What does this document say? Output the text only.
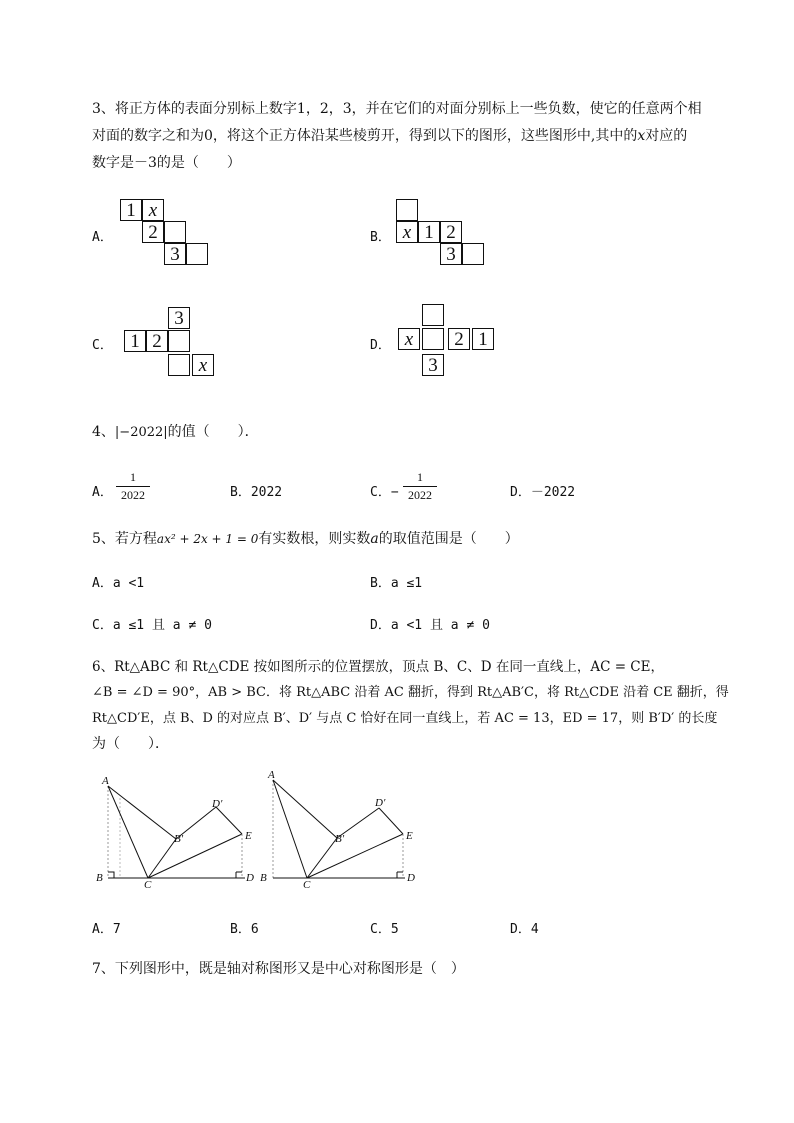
3、将正方体的表面分别标上数字1，2，3，并在它们的对面分别标上一些负数，使它的任意两个相
对面的数字之和为0，将这个正方体沿某些棱剪开，得到以下的图形，这些图形中,其中的x对应的
数字是－3的是（　　）
A．
1 x
2
3
B． x 1 2
3
C．
3
1 2
x
D． x	2 1
3
4、|−2022|的值（　　）．
A．
1
2022	B．2022	C．−
1
2022	D．－2022
5、若方程ax² + 2x + 1 = 0有实数根，则实数a的取值范围是（　　）
A．a <1	B．a ≤1
C．a ≤1 且 a ≠ 0	D．a <1 且 a ≠ 0
6、Rt△ABC 和 Rt△CDE 按如图所示的位置摆放，顶点 B、C、D 在同一直线上，AC = CE，
∠B = ∠D = 90°，AB > BC．将 Rt△ABC 沿着 AC 翻折，得到 Rt△AB′C，将 Rt△CDE 沿着 CE 翻折，得
Rt△CD′E，点 B、D 的对应点 B′、D′ 与点 C 恰好在同一直线上，若 AC = 13，ED = 17，则 B′D′ 的长度
为（　　）．
A
B
C
D
E
B′
D′
A
B
C
D
E
B′
D′
A．7	B．6	C．5	D．4
7、下列图形中，既是轴对称图形又是中心对称图形是（　）
